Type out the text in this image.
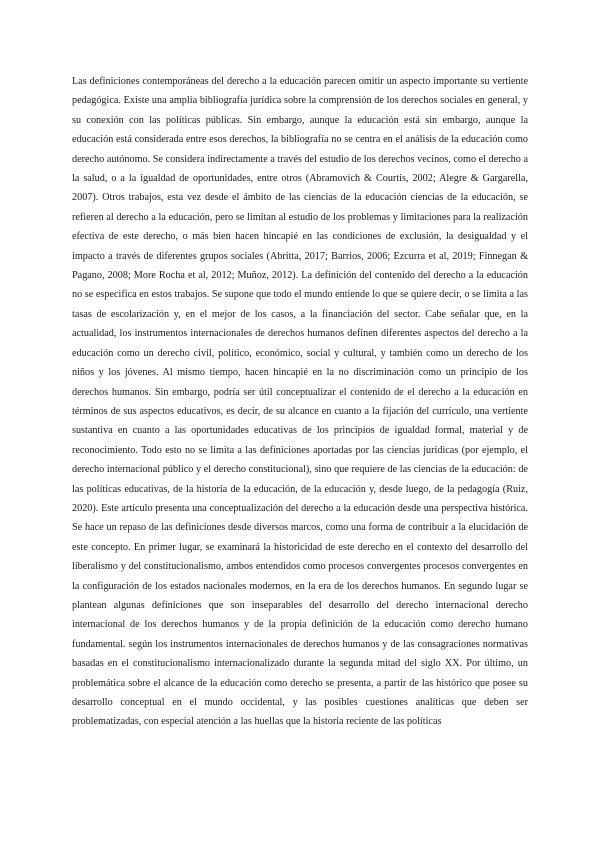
Las definiciones contemporáneas del derecho a la educación parecen omitir un aspecto importante su vertiente pedagógica. Existe una amplia bibliografía jurídica sobre la comprensión de los derechos sociales en general, y su conexión con las políticas públicas. Sin embargo, aunque la educación está sin embargo, aunque la educación está considerada entre esos derechos, la bibliografía no se centra en el análisis de la educación como derecho autónomo. Se considera indirectamente a través del estudio de los derechos vecinos, como el derecho a la salud, o a la igualdad de oportunidades, entre otros (Abramovich & Courtis, 2002; Alegre & Gargarella, 2007). Otros trabajos, esta vez desde el ámbito de las ciencias de la educación ciencias de la educación, se refieren al derecho a la educación, pero se limitan al estudio de los problemas y limitaciones para la realización efectiva de este derecho, o más bien hacen hincapié en las condiciones de exclusión, la desigualdad y el impacto a través de diferentes grupos sociales (Abritta, 2017; Barrios, 2006; Ezcurra et al, 2019; Finnegan & Pagano, 2008; More Rocha et al, 2012; Muñoz, 2012). La definición del contenido del derecho a la educación no se especifica en estos trabajos. Se supone que todo el mundo entiende lo que se quiere decir, o se limita a las tasas de escolarización y, en el mejor de los casos, a la financiación del sector. Cabe señalar que, en la actualidad, los instrumentos internacionales de derechos humanos definen diferentes aspectos del derecho a la educación como un derecho civil, político, económico, social y cultural, y también como un derecho de los niños y los jóvenes. Al mismo tiempo, hacen hincapié en la no discriminación como un principio de los derechos humanos. Sin embargo, podría ser útil conceptualizar el contenido de el derecho a la educación en términos de sus aspectos educativos, es decir, de su alcance en cuanto a la fijación del currículo, una vertiente sustantiva en cuanto a las oportunidades educativas de los principios de igualdad formal, material y de reconocimiento. Todo esto no se limita a las definiciones aportadas por las ciencias jurídicas (por ejemplo, el derecho internacional público y el derecho constitucional), sino que requiere de las ciencias de la educación: de las políticas educativas, de la historia de la educación, de la educación y, desde luego, de la pedagogía (Ruiz, 2020). Este artículo presenta una conceptualización del derecho a la educación desde una perspectiva histórica. Se hace un repaso de las definiciones desde diversos marcos, como una forma de contribuir a la elucidación de este concepto. En primer lugar, se examinará la historicidad de este derecho en el contexto del desarrollo del liberalismo y del constitucionalismo, ambos entendidos como procesos convergentes procesos convergentes en la configuración de los estados nacionales modernos, en la era de los derechos humanos. En segundo lugar se plantean algunas definiciones que son inseparables del desarrollo del derecho internacional derecho internacional de los derechos humanos y de la propia definición de la educación como derecho humano fundamental. según los instrumentos internacionales de derechos humanos y de las consagraciones normativas basadas en el constitucionalismo internacionalizado durante la segunda mitad del siglo XX. Por último, un problemática sobre el alcance de la educación como derecho se presenta, a partir de las histórico que posee su desarrollo conceptual en el mundo occidental, y las posibles cuestiones analíticas que deben ser problematizadas, con especial atención a las huellas que la historia reciente de las políticas
